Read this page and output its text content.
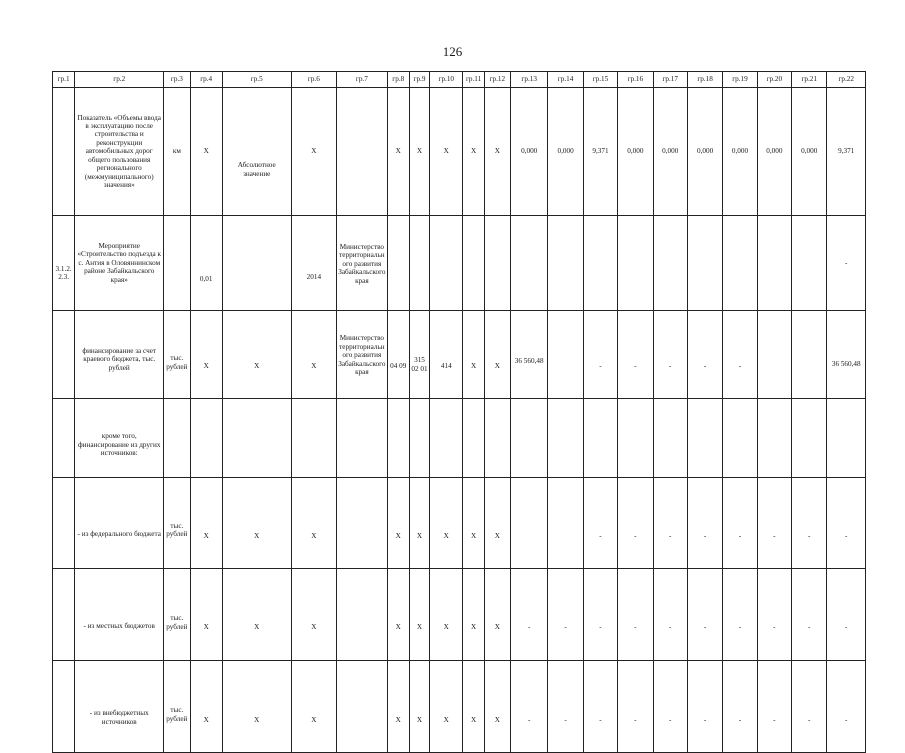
126
гр.1	гр.2	гр.3	гр.4	гр.5	гр.6	гр.7	гр.8	гр.9	гр.10	гр.11	гр.12	гр.13	гр.14	гр.15	гр.16	гр.17	гр.18	гр.19	гр.20	гр.21	гр.22
	Показатель «Объемы ввода в эксплуатацию после строительства и реконструкции автомобильных дорог общего пользования регионального (межмуниципального) значения»	км	X	Абсолютное значение	X		X	X	X	X	X	0,000	0,000	9,371	0,000	0,000	0,000	0,000	0,000	0,000	9,371
3.1.2.2.3.	Мероприятие «Строительство подъезда к с. Антия в Оловяннинском районе Забайкальского края»		0,01		2014	Министерство территориального развития Забайкальского края															-
	финансирование за счет краевого бюджета, тыс. рублей	тыс. рублей	X	X	X	Министерство территориального развития Забайкальского края	04 09	315 02 01	414	X	X	36 560,48		-	-	-	-	-			36 560,48
	кроме того, финансирование из других источников:																				
	- из федерального бюджета	тыс. рублей	X	X	X		X	X	X	X	X			-	-	-	-	-	-	-	-
	- из местных бюджетов	тыс. рублей	X	X	X		X	X	X	X	X	-	-	-	-	-	-	-	-	-	-
	- из внебюджетных источников	тыс. рублей	X	X	X		X	X	X	X	X	-	-	-	-	-	-	-	-	-	-
